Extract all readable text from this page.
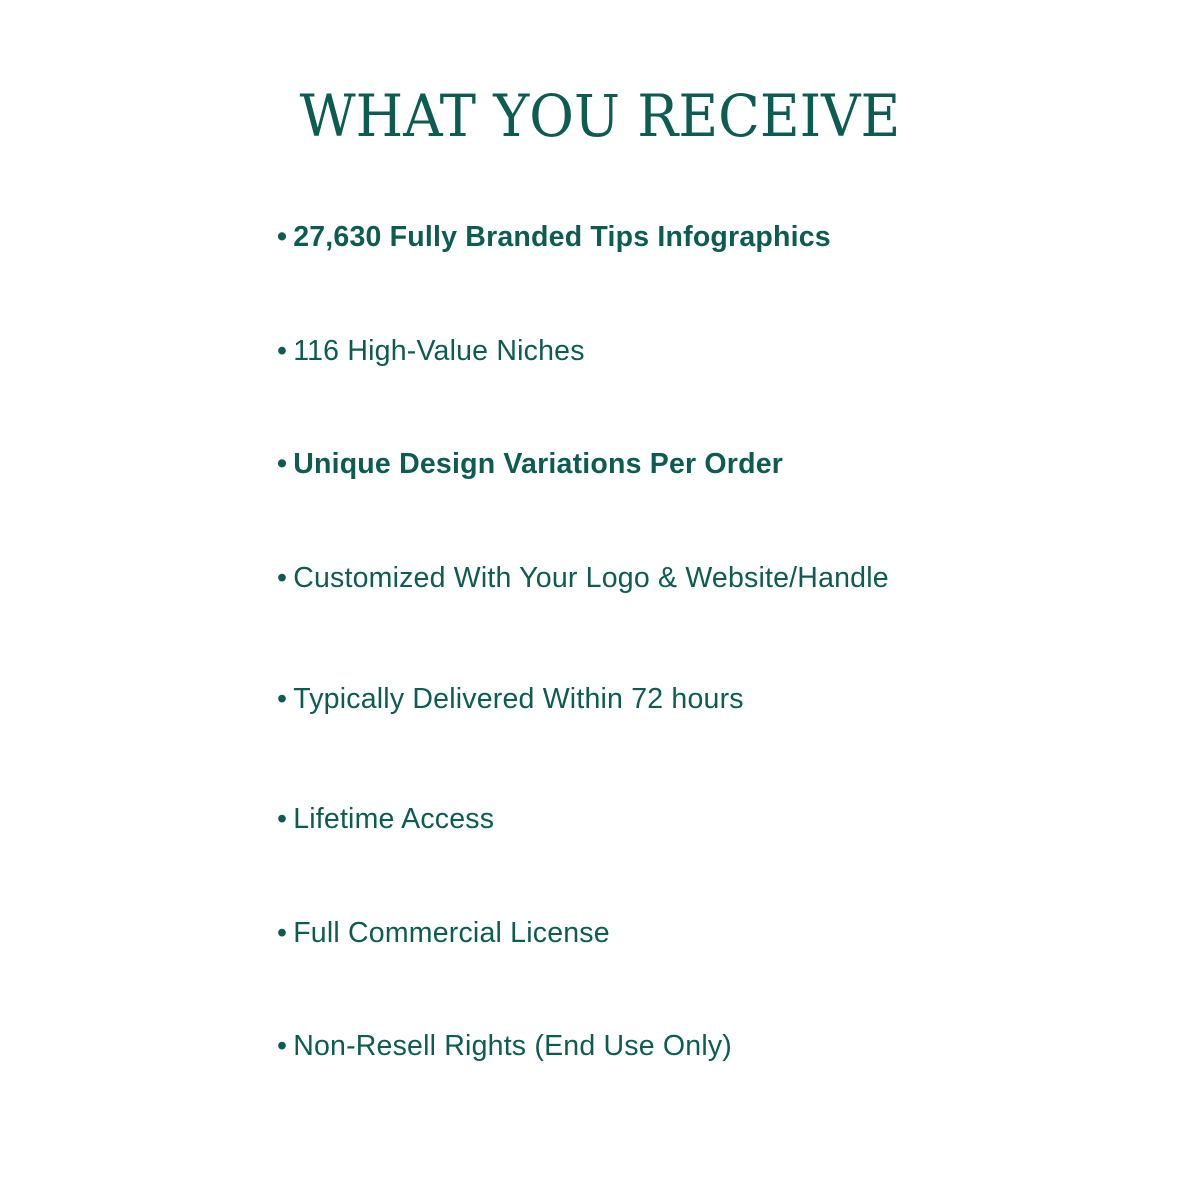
WHAT YOU RECEIVE
• 27,630 Fully Branded Tips Infographics
• 116 High-Value Niches
• Unique Design Variations Per Order
• Customized With Your Logo & Website/Handle
• Typically Delivered Within 72 hours
• Lifetime Access
• Full Commercial License
• Non-Resell Rights (End Use Only)
